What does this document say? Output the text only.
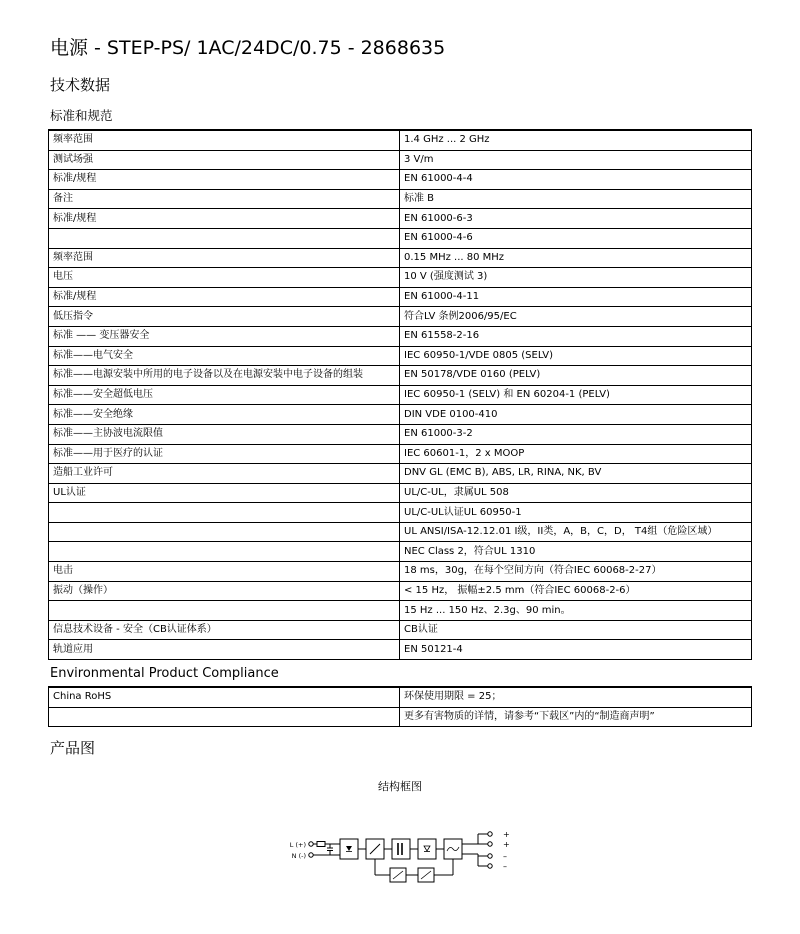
电源 - STEP-PS/ 1AC/24DC/0.75 - 2868635
技术数据
标准和规范
频率范围	1.4 GHz ... 2 GHz
测试场强	3 V/m
标准/规程	EN 61000-4-4
备注	标准 B
标准/规程	EN 61000-6-3
	EN 61000-4-6
频率范围	0.15 MHz ... 80 MHz
电压	10 V (强度测试 3)
标准/规程	EN 61000-4-11
低压指令	符合LV 条例2006/95/EC
标准 —— 变压器安全	EN 61558-2-16
标准——电气安全	IEC 60950-1/VDE 0805 (SELV)
标准——电源安装中所用的电子设备以及在电源安装中电子设备的组装	EN 50178/VDE 0160 (PELV)
标准——安全超低电压	IEC 60950-1 (SELV) 和 EN 60204-1 (PELV)
标准——安全绝缘	DIN VDE 0100-410
标准——主协波电流限值	EN 61000-3-2
标准——用于医疗的认证	IEC 60601-1，2 x MOOP
造船工业许可	DNV GL (EMC B), ABS, LR, RINA, NK, BV
UL认证	UL/C-UL，隶属UL 508
	UL/C-UL认证UL 60950-1
	UL ANSI/ISA-12.12.01 I级，II类，A，B，C，D， T4组（危险区域）
	NEC Class 2，符合UL 1310
电击	18 ms，30g，在每个空间方向（符合IEC 60068-2-27）
振动（操作）	< 15 Hz， 振幅±2.5 mm（符合IEC 60068-2-6）
	15 Hz ... 150 Hz、2.3g、90 min。
信息技术设备 - 安全（CB认证体系）	CB认证
轨道应用	EN 50121-4
Environmental Product Compliance
China RoHS	环保使用期限 = 25；
	更多有害物质的详情，请参考“下载区”内的“制造商声明”
产品图
结构框图
L (+)
N (-)
+
+
–
–
